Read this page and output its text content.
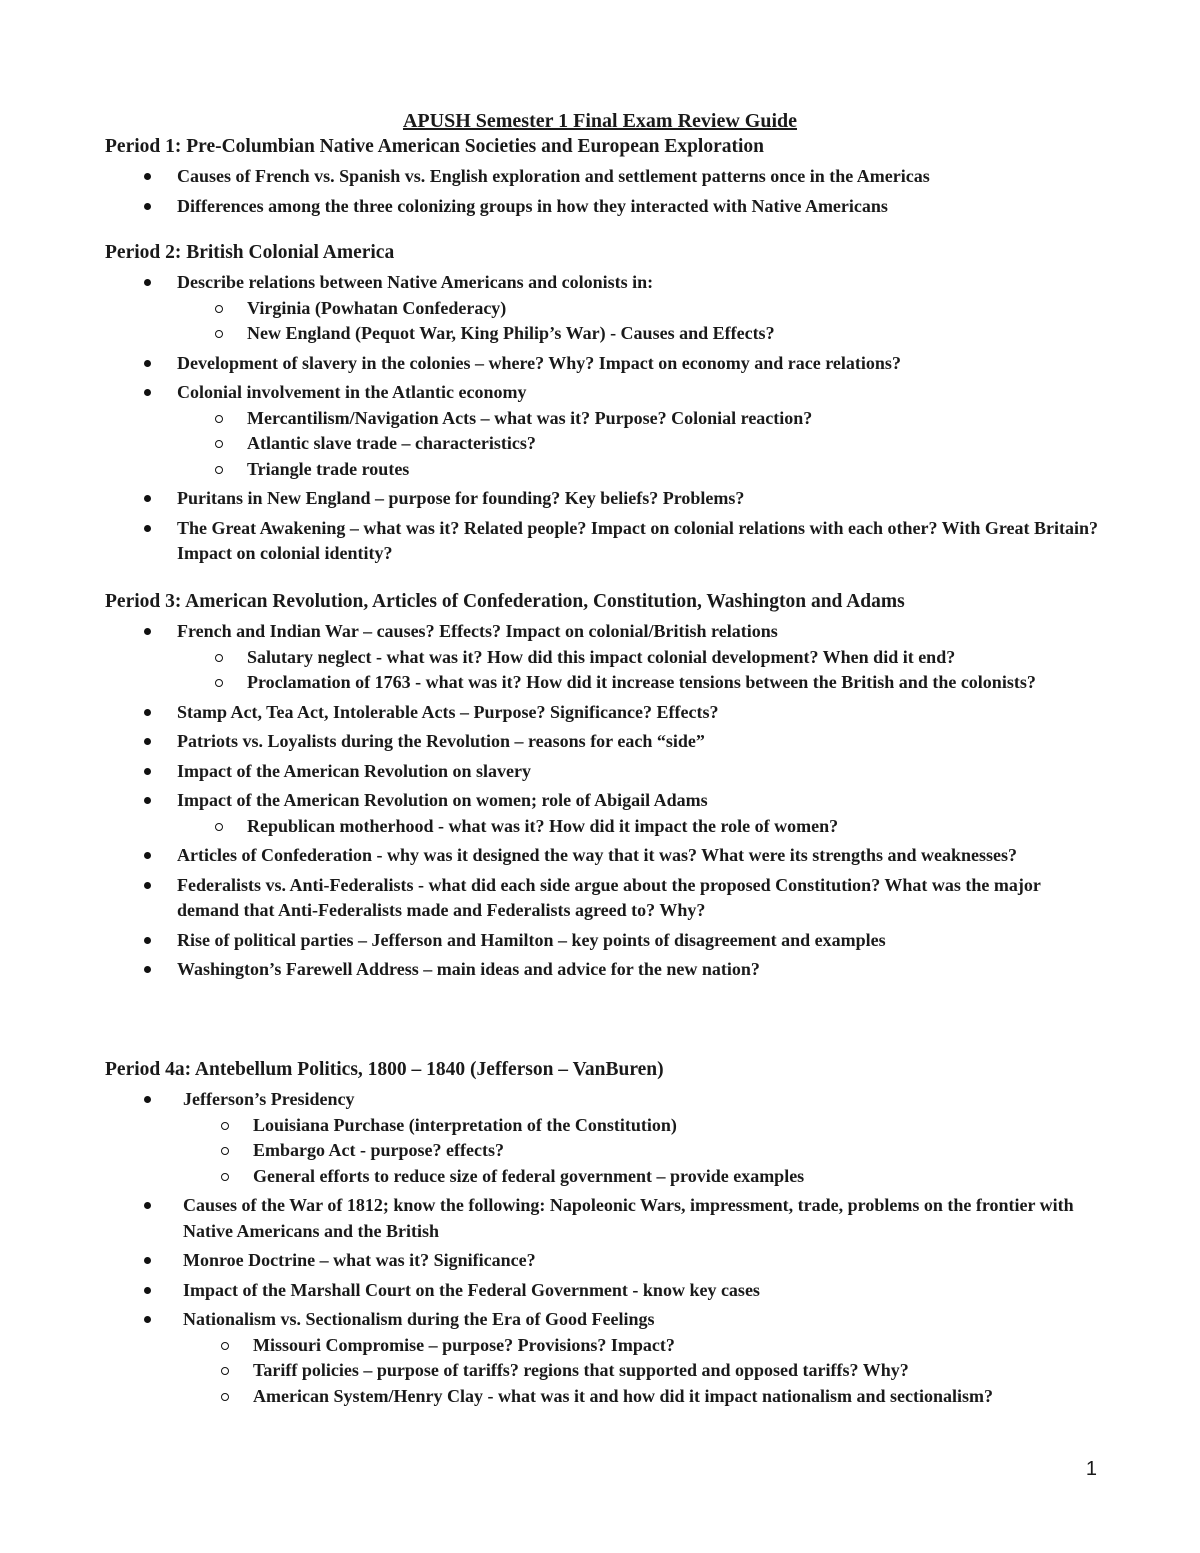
APUSH Semester 1 Final Exam Review Guide
Period 1: Pre-Columbian Native American Societies and European Exploration
Causes of French vs. Spanish vs. English exploration and settlement patterns once in the Americas
Differences among the three colonizing groups in how they interacted with Native Americans
Period 2: British Colonial America
Describe relations between Native Americans and colonists in:
Virginia (Powhatan Confederacy)
New England (Pequot War, King Philip’s War) - Causes and Effects?
Development of slavery in the colonies – where? Why? Impact on economy and race relations?
Colonial involvement in the Atlantic economy
Mercantilism/Navigation Acts – what was it? Purpose? Colonial reaction?
Atlantic slave trade – characteristics?
Triangle trade routes
Puritans in New England – purpose for founding? Key beliefs? Problems?
The Great Awakening – what was it? Related people? Impact on colonial relations with each other? With Great Britain? Impact on colonial identity?
Period 3: American Revolution, Articles of Confederation, Constitution, Washington and Adams
French and Indian War – causes? Effects? Impact on colonial/British relations
Salutary neglect - what was it? How did this impact colonial development? When did it end?
Proclamation of 1763 - what was it? How did it increase tensions between the British and the colonists?
Stamp Act, Tea Act, Intolerable Acts – Purpose? Significance? Effects?
Patriots vs. Loyalists during the Revolution – reasons for each “side”
Impact of the American Revolution on slavery
Impact of the American Revolution on women; role of Abigail Adams
Republican motherhood - what was it? How did it impact the role of women?
Articles of Confederation - why was it designed the way that it was? What were its strengths and weaknesses?
Federalists vs. Anti-Federalists - what did each side argue about the proposed Constitution? What was the major demand that Anti-Federalists made and Federalists agreed to? Why?
Rise of political parties – Jefferson and Hamilton – key points of disagreement and examples
Washington’s Farewell Address – main ideas and advice for the new nation?
Period 4a: Antebellum Politics, 1800 – 1840 (Jefferson – VanBuren)
Jefferson’s Presidency
Louisiana Purchase (interpretation of the Constitution)
Embargo Act - purpose? effects?
General efforts to reduce size of federal government – provide examples
Causes of the War of 1812; know the following: Napoleonic Wars, impressment, trade, problems on the frontier with Native Americans and the British
Monroe Doctrine – what was it? Significance?
Impact of the Marshall Court on the Federal Government - know key cases
Nationalism vs. Sectionalism during the Era of Good Feelings
Missouri Compromise – purpose? Provisions? Impact?
Tariff policies – purpose of tariffs? regions that supported and opposed tariffs? Why?
American System/Henry Clay - what was it and how did it impact nationalism and sectionalism?
1
